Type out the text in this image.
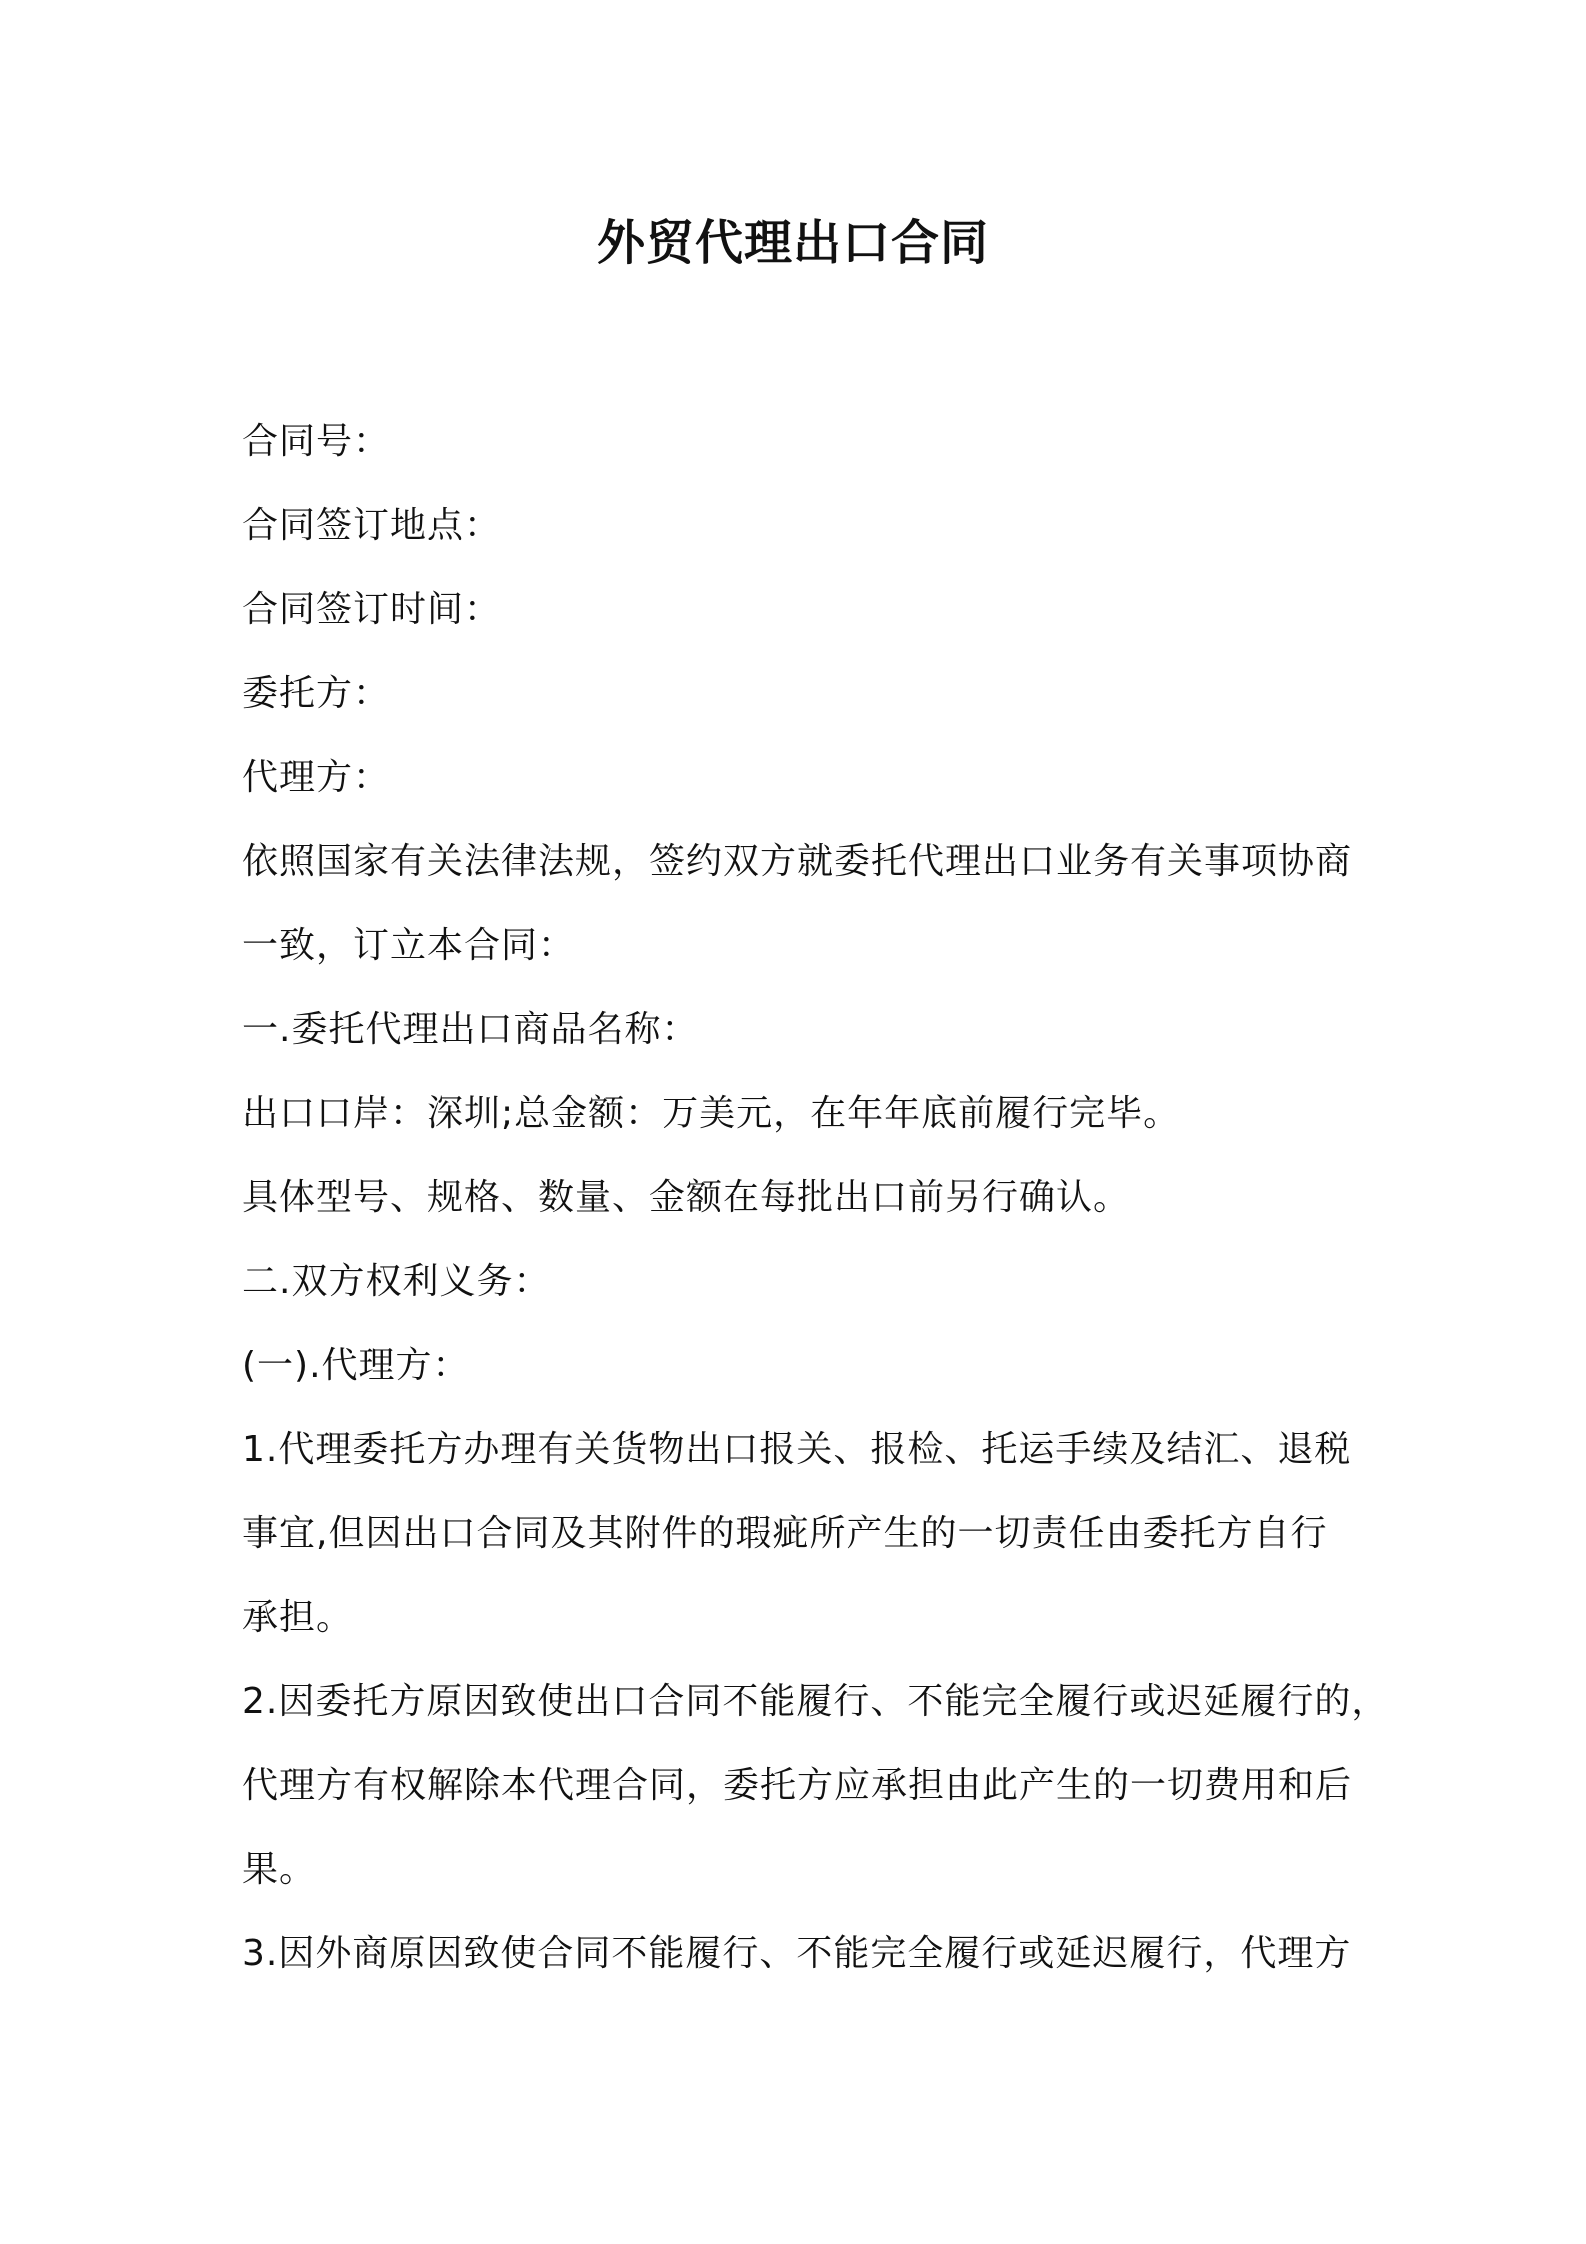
外贸代理出口合同
合同号：
合同签订地点：
合同签订时间：
委托方：
代理方：
依照国家有关法律法规，签约双方就委托代理出口业务有关事项协商
一致，订立本合同：
一.委托代理出口商品名称：
出口口岸：深圳;总金额：万美元，在年年底前履行完毕。
具体型号、规格、数量、金额在每批出口前另行确认。
二.双方权利义务：
(一).代理方：
1.代理委托方办理有关货物出口报关、报检、托运手续及结汇、退税
事宜,但因出口合同及其附件的瑕疵所产生的一切责任由委托方自行
承担。
2.因委托方原因致使出口合同不能履行、不能完全履行或迟延履行的，
代理方有权解除本代理合同，委托方应承担由此产生的一切费用和后
果。
3.因外商原因致使合同不能履行、不能完全履行或延迟履行，代理方
